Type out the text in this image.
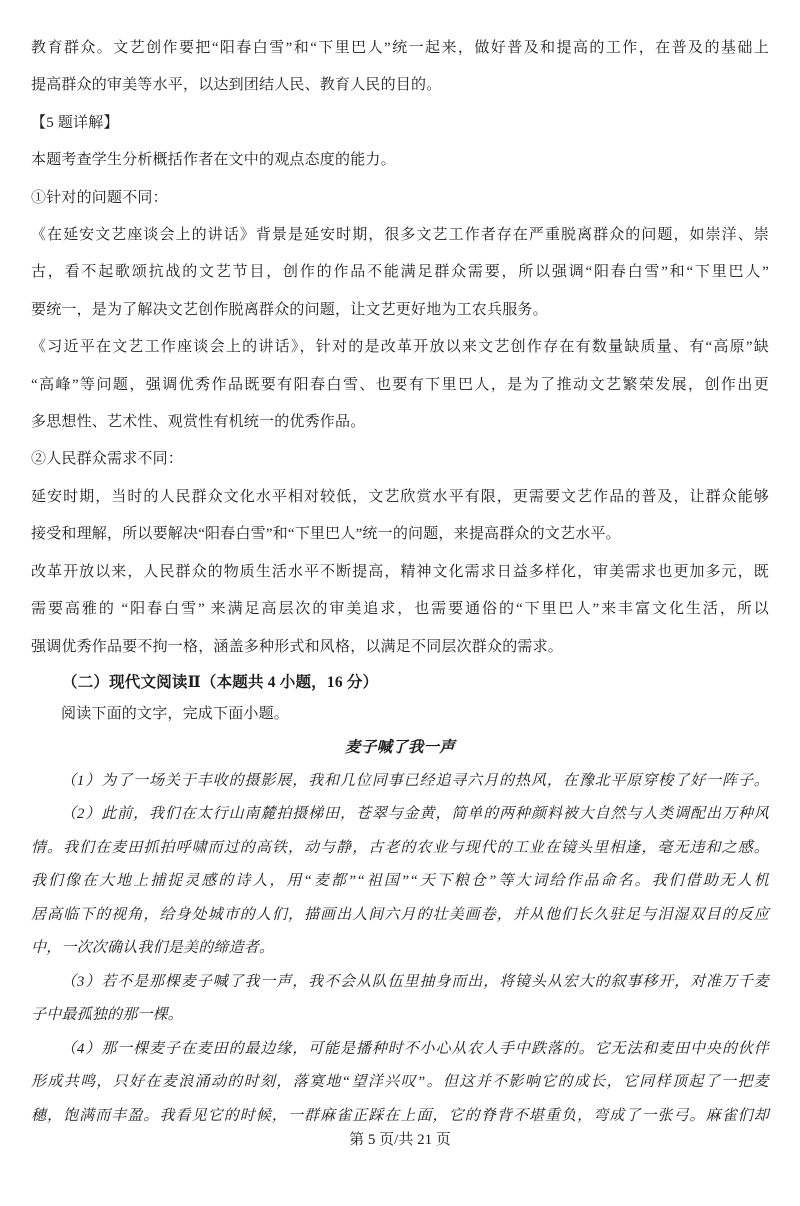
教育群众。文艺创作要把“阳春白雪”和“下里巴人”统一起来，做好普及和提高的工作，在普及的基础上
提高群众的审美等水平，以达到团结人民、教育人民的目的。
【5 题详解】
本题考查学生分析概括作者在文中的观点态度的能力。
①针对的问题不同：
《在延安文艺座谈会上的讲话》背景是延安时期，很多文艺工作者存在严重脱离群众的问题，如崇洋、崇
古，看不起歌颂抗战的文艺节目，创作的作品不能满足群众需要，所以强调“阳春白雪”和“下里巴人”
要统一，是为了解决文艺创作脱离群众的问题，让文艺更好地为工农兵服务。
《习近平在文艺工作座谈会上的讲话》，针对的是改革开放以来文艺创作存在有数量缺质量、有“高原”缺
“高峰”等问题，强调优秀作品既要有阳春白雪、也要有下里巴人，是为了推动文艺繁荣发展，创作出更
多思想性、艺术性、观赏性有机统一的优秀作品。
②人民群众需求不同：
延安时期，当时的人民群众文化水平相对较低，文艺欣赏水平有限，更需要文艺作品的普及，让群众能够
接受和理解，所以要解决“阳春白雪”和“下里巴人”统一的问题，来提高群众的文艺水平。
改革开放以来，人民群众的物质生活水平不断提高，精神文化需求日益多样化，审美需求也更加多元，既
需要高雅的 “阳春白雪” 来满足高层次的审美追求，也需要通俗的“下里巴人”来丰富文化生活，所以
强调优秀作品要不拘一格，涵盖多种形式和风格，以满足不同层次群众的需求。
（二）现代文阅读Ⅱ（本题共 4 小题，16 分）
阅读下面的文字，完成下面小题。
麦子喊了我一声
（1）为了一场关于丰收的摄影展，我和几位同事已经追寻六月的热风，在豫北平原穿梭了好一阵子。
（2）此前，我们在太行山南麓拍摄梯田，苍翠与金黄，简单的两种颜料被大自然与人类调配出万种风
情。我们在麦田抓拍呼啸而过的高铁，动与静，古老的农业与现代的工业在镜头里相逢，毫无违和之感。
我们像在大地上捕捉灵感的诗人，用“麦都”“祖国”“天下粮仓”等大词给作品命名。我们借助无人机
居高临下的视角，给身处城市的人们，描画出人间六月的壮美画卷，并从他们长久驻足与泪湿双目的反应
中，一次次确认我们是美的缔造者。
（3）若不是那棵麦子喊了我一声，我不会从队伍里抽身而出，将镜头从宏大的叙事移开，对准万千麦
子中最孤独的那一棵。
（4）那一棵麦子在麦田的最边缘，可能是播种时不小心从农人手中跌落的。它无法和麦田中央的伙伴
形成共鸣，只好在麦浪涌动的时刻，落寞地“望洋兴叹”。但这并不影响它的成长，它同样顶起了一把麦
穗，饱满而丰盈。我看见它的时候，一群麻雀正踩在上面，它的脊背不堪重负，弯成了一张弓。麻雀们却
第 5 页/共 21 页
